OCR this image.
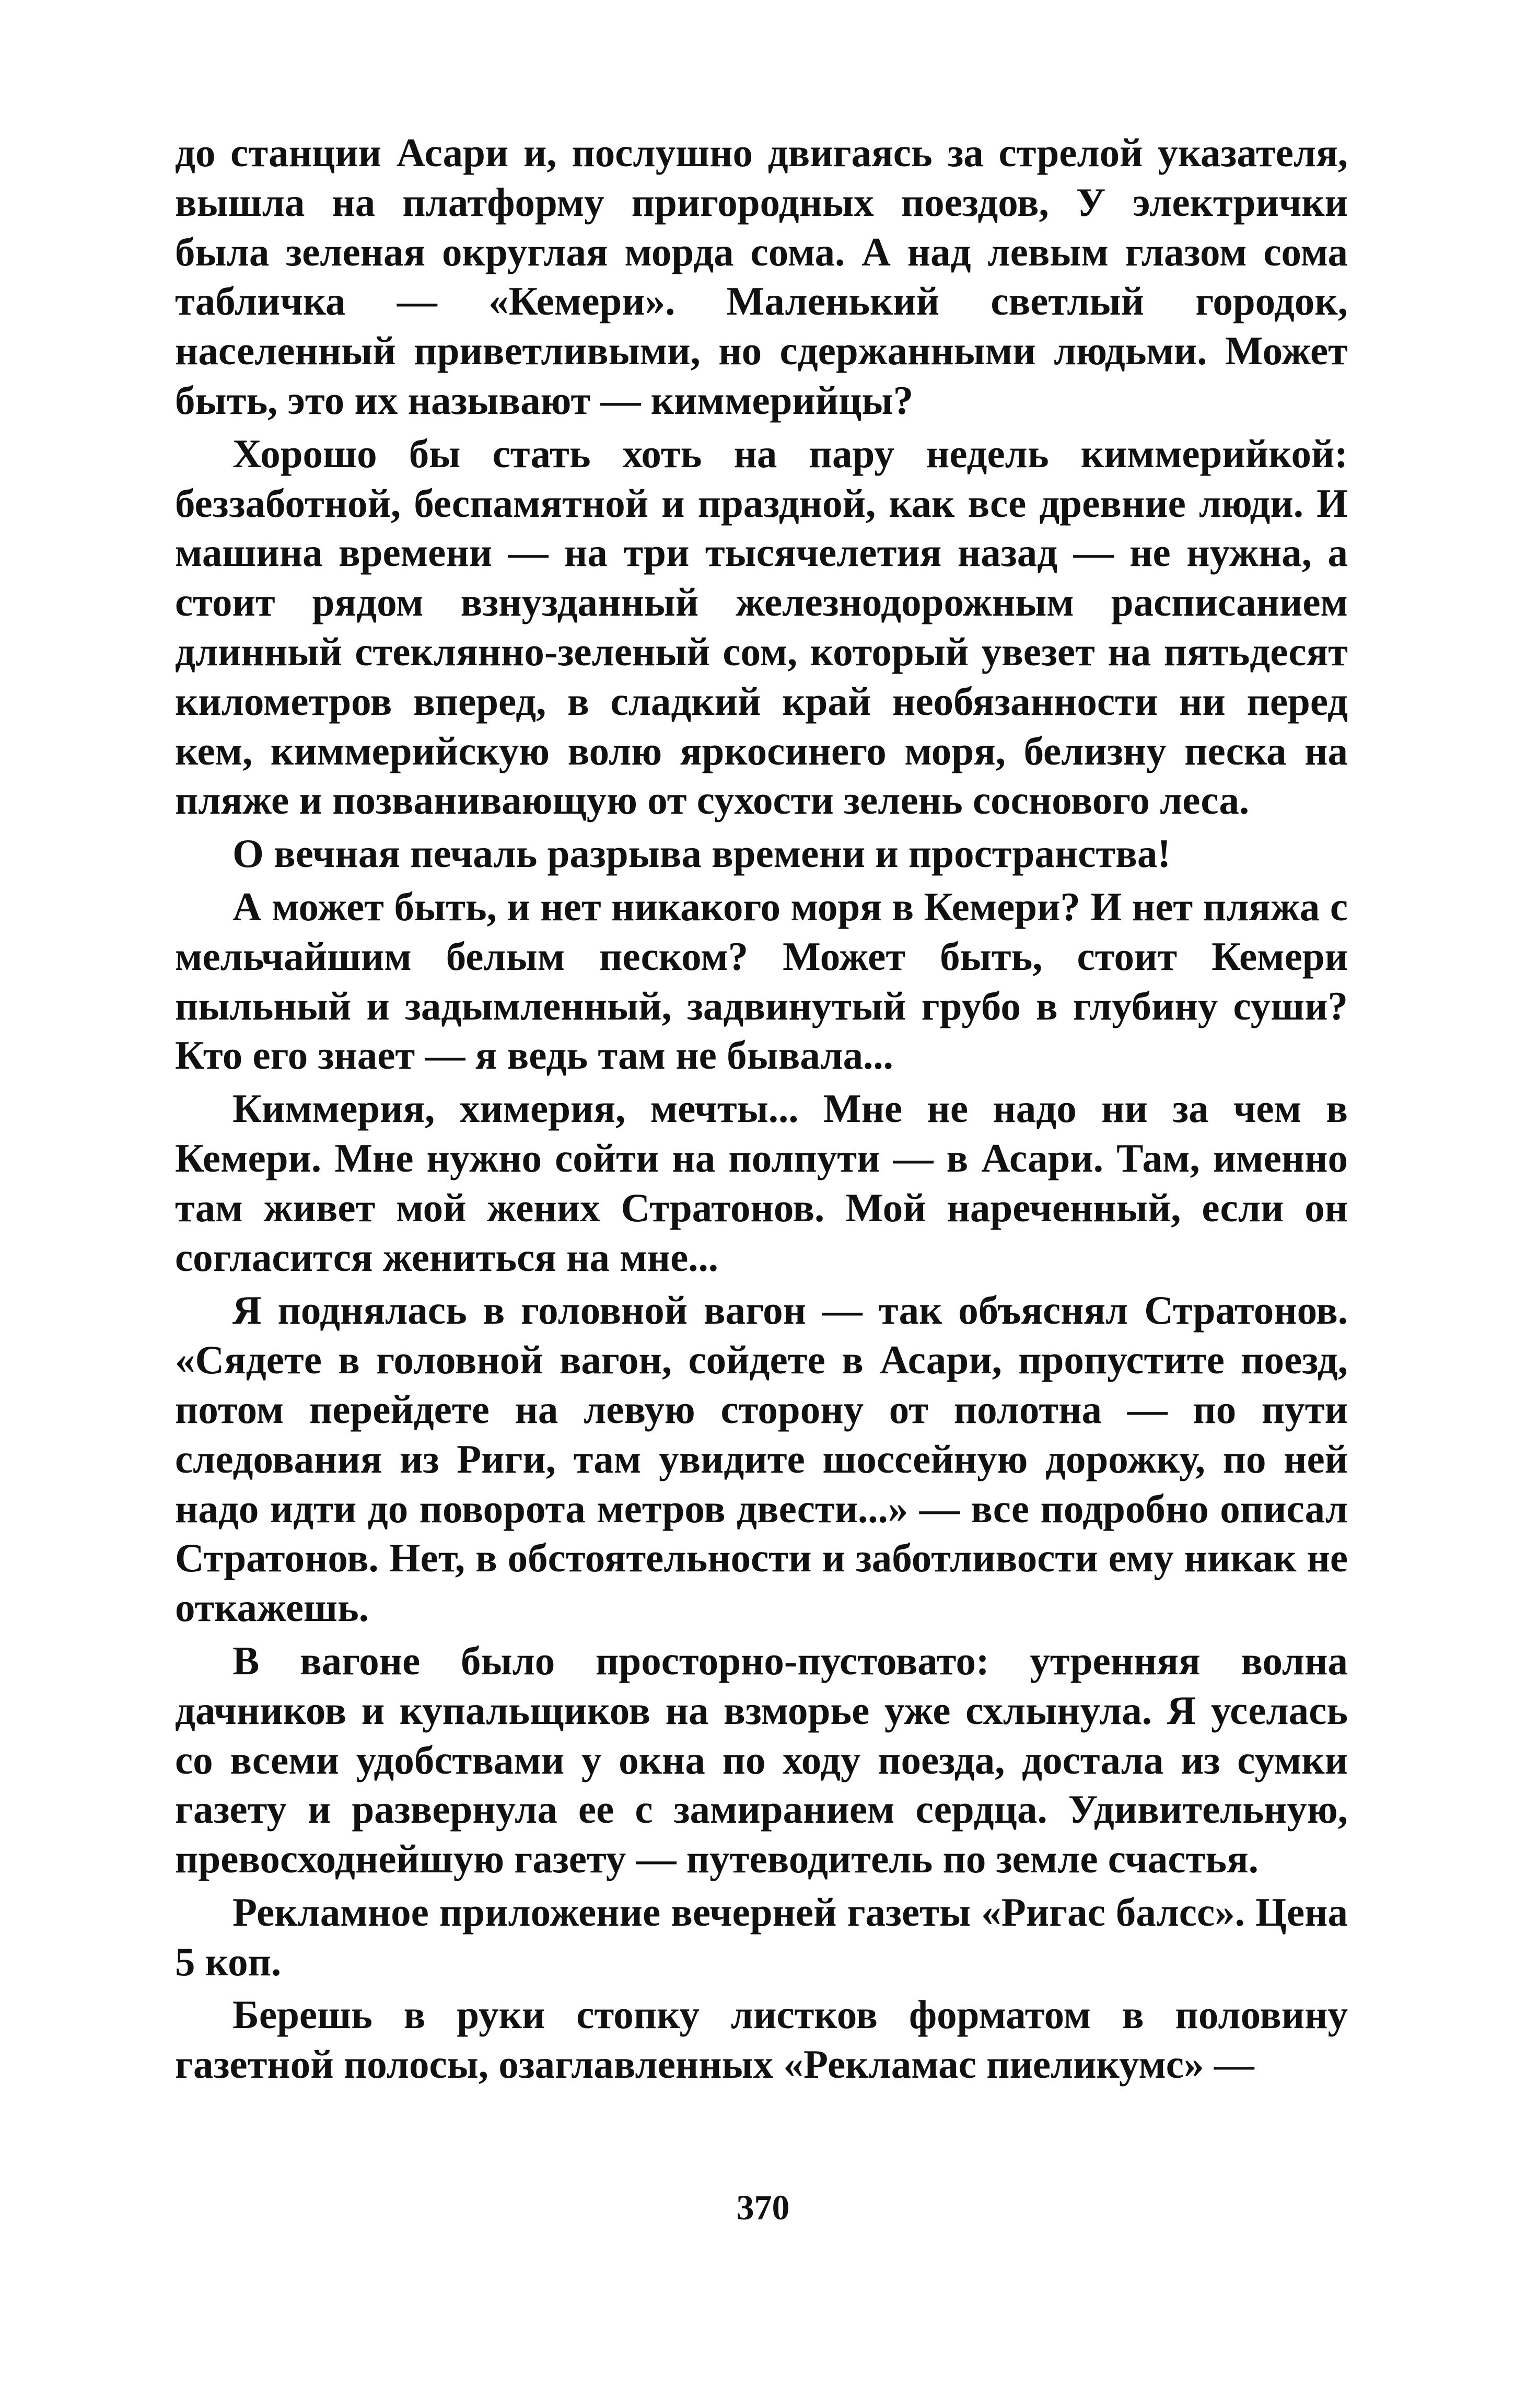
до станции Асари и, послушно двигаясь за стрелой указателя, вышла на платформу пригородных поездов, У электрички была зеленая округлая морда сома. А над левым глазом сома табличка — «Кемери». Маленький светлый городок, населенный приветливыми, но сдержанными людьми. Может быть, это их называют — киммерийцы?

Хорошо бы стать хоть на пару недель киммерийкой: беззаботной, беспамятной и праздной, как все древние люди. И машина времени — на три тысячелетия назад — не нужна, а стоит рядом взнузданный железнодорожным расписанием длинный стеклянно-зеленый сом, который увезет на пятьдесят километров вперед, в сладкий край необязанности ни перед кем, киммерийскую волю яркосинего моря, белизну песка на пляже и позванивающую от сухости зелень соснового леса.

О вечная печаль разрыва времени и пространства!

А может быть, и нет никакого моря в Кемери? И нет пляжа с мельчайшим белым песком? Может быть, стоит Кемери пыльный и задымленный, задвинутый грубо в глубину суши? Кто его знает — я ведь там не бывала...

Киммерия, химерия, мечты... Мне не надо ни за чем в Кемери. Мне нужно сойти на полпути — в Асари. Там, именно там живет мой жених Стратонов. Мой нареченный, если он согласится жениться на мне...

Я поднялась в головной вагон — так объяснял Стратонов. «Сядете в головной вагон, сойдете в Асари, пропустите поезд, потом перейдете на левую сторону от полотна — по пути следования из Риги, там увидите шоссейную дорожку, по ней надо идти до поворота метров двести...» — все подробно описал Стратонов. Нет, в обстоятельности и заботливости ему никак не откажешь.

В вагоне было просторно-пустовато: утренняя волна дачников и купальщиков на взморье уже схлынула. Я уселась со всеми удобствами у окна по ходу поезда, достала из сумки газету и развернула ее с замиранием сердца. Удивительную, превосходнейшую газету — путеводитель по земле счастья.

Рекламное приложение вечерней газеты «Ригас балсс». Цена 5 коп.

Берешь в руки стопку листков форматом в половину газетной полосы, озаглавленных «Рекламас пиеликумс» —

370
